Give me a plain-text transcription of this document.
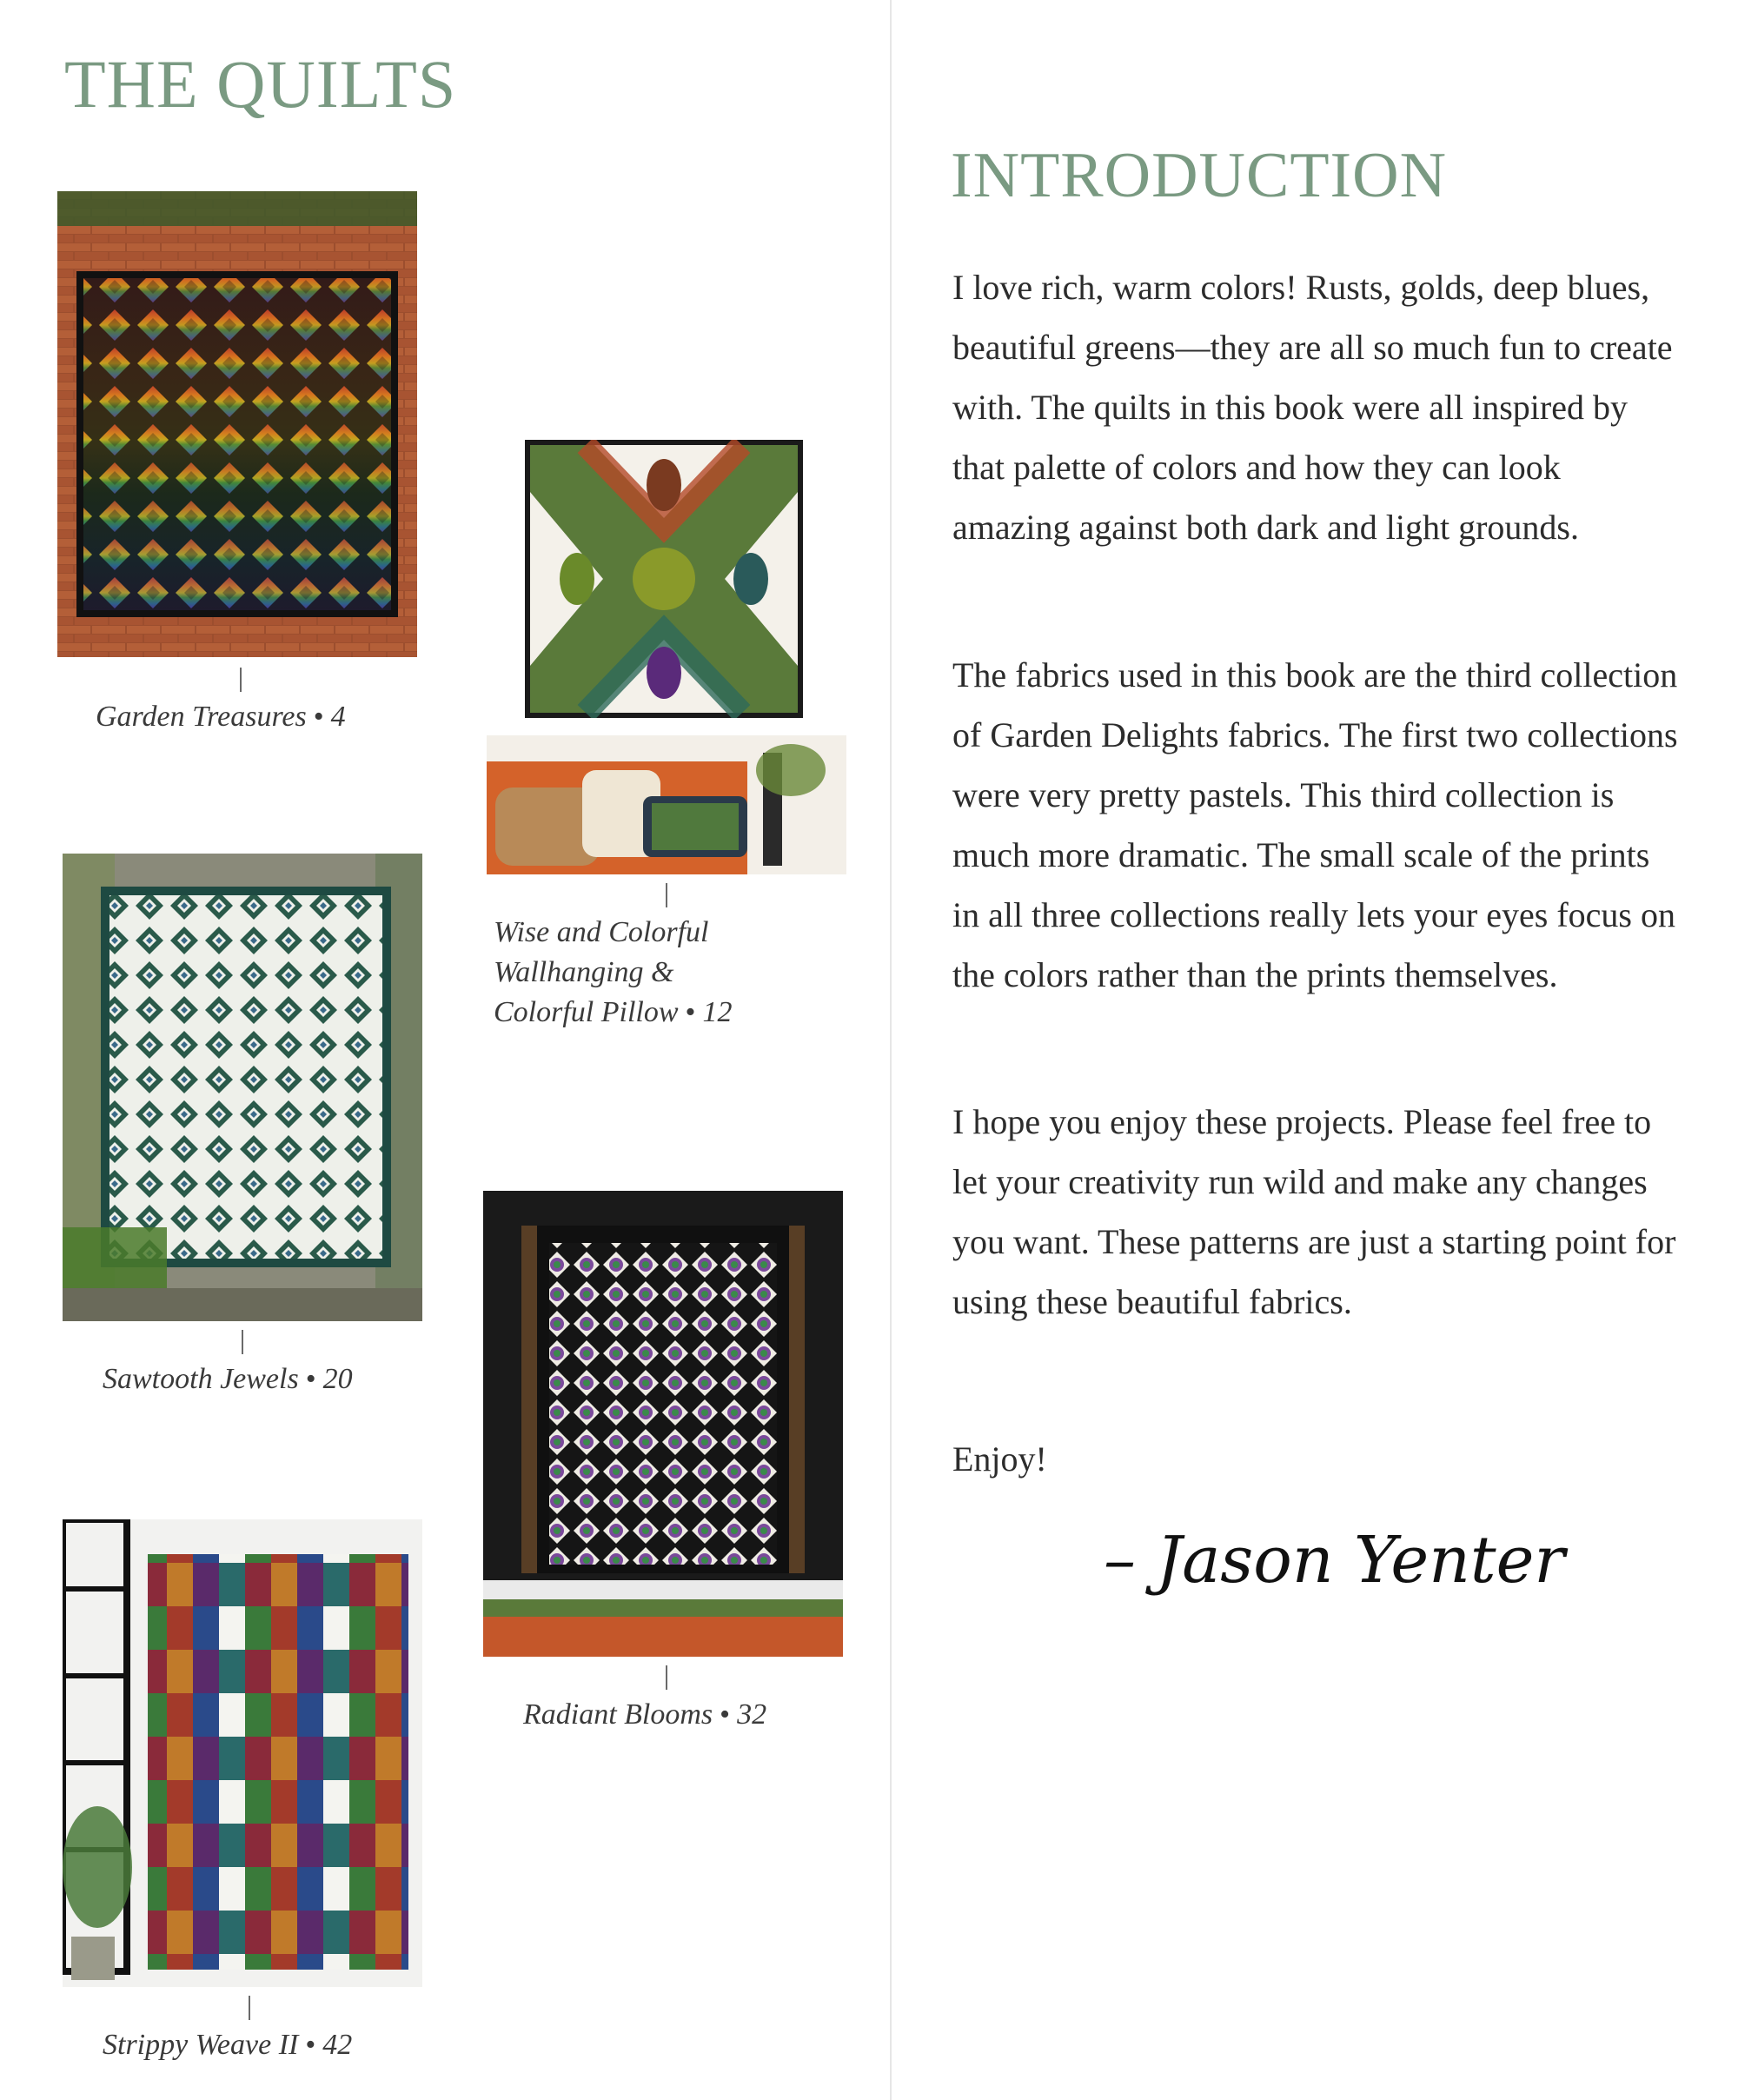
THE QUILTS
Garden Treasures • 4
Wise and Colorful
Wallhanging &
Colorful Pillow • 12
Sawtooth Jewels • 20
Radiant Blooms • 32
Strippy Weave II • 42
INTRODUCTION

I love rich, warm colors! Rusts, golds, deep blues, beautiful greens—they are all so much fun to create with. The quilts in this book were all inspired by that palette of colors and how they can look amazing against both dark and light grounds.

The fabrics used in this book are the third collection of Garden Delights fabrics. The first two collections were very pretty pastels. This third collection is much more dramatic. The small scale of the prints in all three collections really lets your eyes focus on the colors rather than the prints themselves.

I hope you enjoy these projects. Please feel free to let your creativity run wild and make any changes you want. These patterns are just a starting point for using these beautiful fabrics.

Enjoy!

– Jason Yenter
